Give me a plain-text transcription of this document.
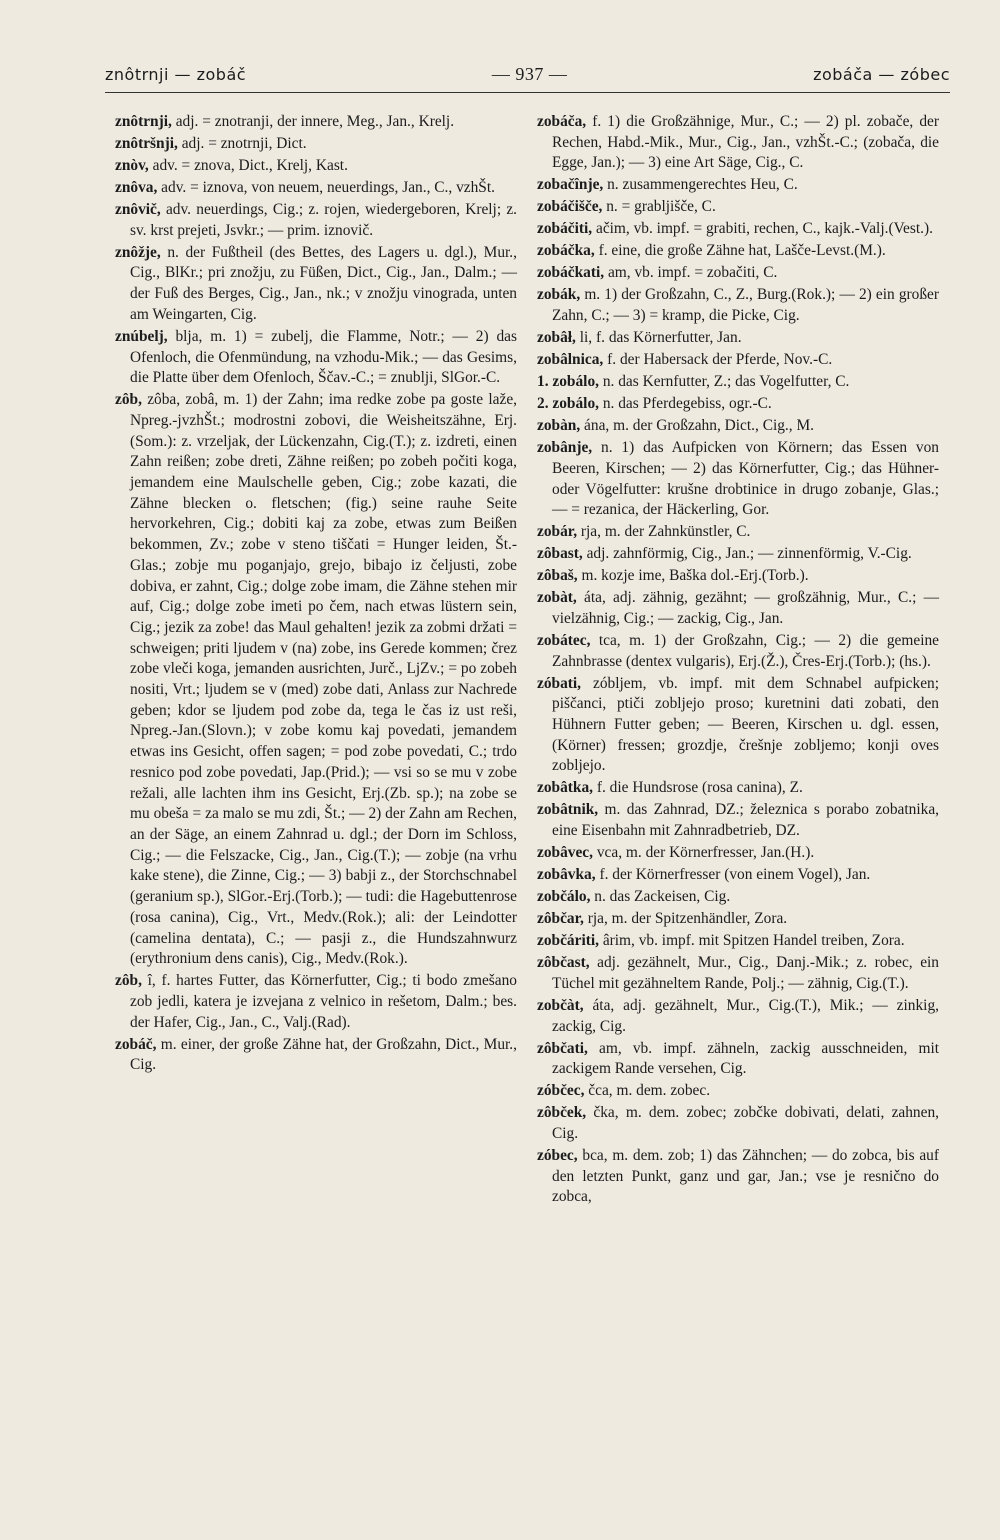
znôtrnji — zobáč	— 937 —	zobáča — zóbec

znôtrnji, adj. = znotranji, der innere, Meg., Jan., Krelj.

znôtršnji, adj. = znotrnji, Dict.

znòv, adv. = znova, Dict., Krelj, Kast.

znôva, adv. = iznova, von neuem, neuerdings, Jan., C., vzhŠt.

znôvič, adv. neuerdings, Cig.; z. rojen, wiedergeboren, Krelj; z. sv. krst prejeti, Jsvkr.; — prim. iznovič.

znôžje, n. der Fußtheil (des Bettes, des Lagers u. dgl.), Mur., Cig., BlKr.; pri znožju, zu Füßen, Dict., Cig., Jan., Dalm.; — der Fuß des Berges, Cig., Jan., nk.; v znožju vinograda, unten am Weingarten, Cig.

znúbelj, blja, m. 1) = zubelj, die Flamme, Notr.; — 2) das Ofenloch, die Ofenmündung, na vzhodu-Mik.; — das Gesims, die Platte über dem Ofenloch, Ščav.-C.; = znublji, SlGor.-C.

zôb, zôba, zobâ, m. 1) der Zahn; ima redke zobe pa goste laže, Npreg.-jvzhŠt.; modrostni zobovi, die Weisheitszähne, Erj.(Som.): z. vrzeljak, der Lückenzahn, Cig.(T.); z. izdreti, einen Zahn reißen; zobe dreti, Zähne reißen; po zobeh počiti koga, jemandem eine Maulschelle geben, Cig.; zobe kazati, die Zähne blecken o. fletschen; (fig.) seine rauhe Seite hervorkehren, Cig.; dobiti kaj za zobe, etwas zum Beißen bekommen, Zv.; zobe v steno tiščati = Hunger leiden, Št.-Glas.; zobje mu poganjajo, grejo, bibajo iz čeljusti, zobe dobiva, er zahnt, Cig.; dolge zobe imam, die Zähne stehen mir auf, Cig.; dolge zobe imeti po čem, nach etwas lüstern sein, Cig.; jezik za zobe! das Maul gehalten! jezik za zobmi držati = schweigen; priti ljudem v (na) zobe, ins Gerede kommen; črez zobe vleči koga, jemanden ausrichten, Jurč., LjZv.; = po zobeh nositi, Vrt.; ljudem se v (med) zobe dati, Anlass zur Nachrede geben; kdor se ljudem pod zobe da, tega le čas iz ust reši, Npreg.-Jan.(Slovn.); v zobe komu kaj povedati, jemandem etwas ins Gesicht, offen sagen; = pod zobe povedati, C.; trdo resnico pod zobe povedati, Jap.(Prid.); — vsi so se mu v zobe režali, alle lachten ihm ins Gesicht, Erj.(Zb. sp.); na zobe se mu obeša = za malo se mu zdi, Št.; — 2) der Zahn am Rechen, an der Säge, an einem Zahnrad u. dgl.; der Dorn im Schloss, Cig.; — die Felszacke, Cig., Jan., Cig.(T.); — zobje (na vrhu kake stene), die Zinne, Cig.; — 3) babji z., der Storchschnabel (geranium sp.), SlGor.-Erj.(Torb.); — tudi: die Hagebuttenrose (rosa canina), Cig., Vrt., Medv.(Rok.); ali: der Leindotter (camelina dentata), C.; — pasji z., die Hundszahnwurz (erythronium dens canis), Cig., Medv.(Rok.).

zôb, î, f. hartes Futter, das Körnerfutter, Cig.; ti bodo zmešano zob jedli, katera je izvejana z velnico in rešetom, Dalm.; bes. der Hafer, Cig., Jan., C., Valj.(Rad).

zobáč, m. einer, der große Zähne hat, der Großzahn, Dict., Mur., Cig.

zobáča, f. 1) die Großzähnige, Mur., C.; — 2) pl. zobače, der Rechen, Habd.-Mik., Mur., Cig., Jan., vzhŠt.-C.; (zobača, die Egge, Jan.); — 3) eine Art Säge, Cig., C.

zobačînje, n. zusammengerechtes Heu, C.

zobáčišče, n. = grabljišče, C.

zobáčiti, ačim, vb. impf. = grabiti, rechen, C., kajk.-Valj.(Vest.).

zobáčka, f. eine, die große Zähne hat, Lašče-Levst.(M.).

zobáčkati, am, vb. impf. = zobačiti, C.

zobák, m. 1) der Großzahn, C., Z., Burg.(Rok.); — 2) ein großer Zahn, C.; — 3) = kramp, die Picke, Cig.

zobâł, li, f. das Körnerfutter, Jan.

zobâlnica, f. der Habersack der Pferde, Nov.-C.

1. zobálo, n. das Kernfutter, Z.; das Vogelfutter, C.

2. zobálo, n. das Pferdegebiss, ogr.-C.

zobàn, ána, m. der Großzahn, Dict., Cig., M.

zobânje, n. 1) das Aufpicken von Körnern; das Essen von Beeren, Kirschen; — 2) das Körnerfutter, Cig.; das Hühner- oder Vögelfutter: krušne drobtinice in drugo zobanje, Glas.; — = rezanica, der Häckerling, Gor.

zobár, rja, m. der Zahnkünstler, C.

zôbast, adj. zahnförmig, Cig., Jan.; — zinnenförmig, V.-Cig.

zôbaš, m. kozje ime, Baška dol.-Erj.(Torb.).

zobàt, áta, adj. zähnig, gezähnt; — großzähnig, Mur., C.; — vielzähnig, Cig.; — zackig, Cig., Jan.

zobátec, tca, m. 1) der Großzahn, Cig.; — 2) die gemeine Zahnbrasse (dentex vulgaris), Erj.(Ž.), Čres-Erj.(Torb.); (hs.).

zóbati, zóbljem, vb. impf. mit dem Schnabel aufpicken; piščanci, ptiči zobljejo proso; kuretnini dati zobati, den Hühnern Futter geben; — Beeren, Kirschen u. dgl. essen, (Körner) fressen; grozdje, črešnje zobljemo; konji oves zobljejo.

zobâtka, f. die Hundsrose (rosa canina), Z.

zobâtnik, m. das Zahnrad, DZ.; železnica s porabo zobatnika, eine Eisenbahn mit Zahnradbetrieb, DZ.

zobâvec, vca, m. der Körnerfresser, Jan.(H.).

zobâvka, f. der Körnerfresser (von einem Vogel), Jan.

zobčálo, n. das Zackeisen, Cig.

zôbčar, rja, m. der Spitzenhändler, Zora.

zobčáriti, ârim, vb. impf. mit Spitzen Handel treiben, Zora.

zôbčast, adj. gezähnelt, Mur., Cig., Danj.-Mik.; z. robec, ein Tüchel mit gezähneltem Rande, Polj.; — zähnig, Cig.(T.).

zobčàt, áta, adj. gezähnelt, Mur., Cig.(T.), Mik.; — zinkig, zackig, Cig.

zôbčati, am, vb. impf. zähneln, zackig ausschneiden, mit zackigem Rande versehen, Cig.

zóbčec, čca, m. dem. zobec.

zôbček, čka, m. dem. zobec; zobčke dobivati, delati, zahnen, Cig.

zóbec, bca, m. dem. zob; 1) das Zähnchen; — do zobca, bis auf den letzten Punkt, ganz und gar, Jan.; vse je resnično do zobca,
